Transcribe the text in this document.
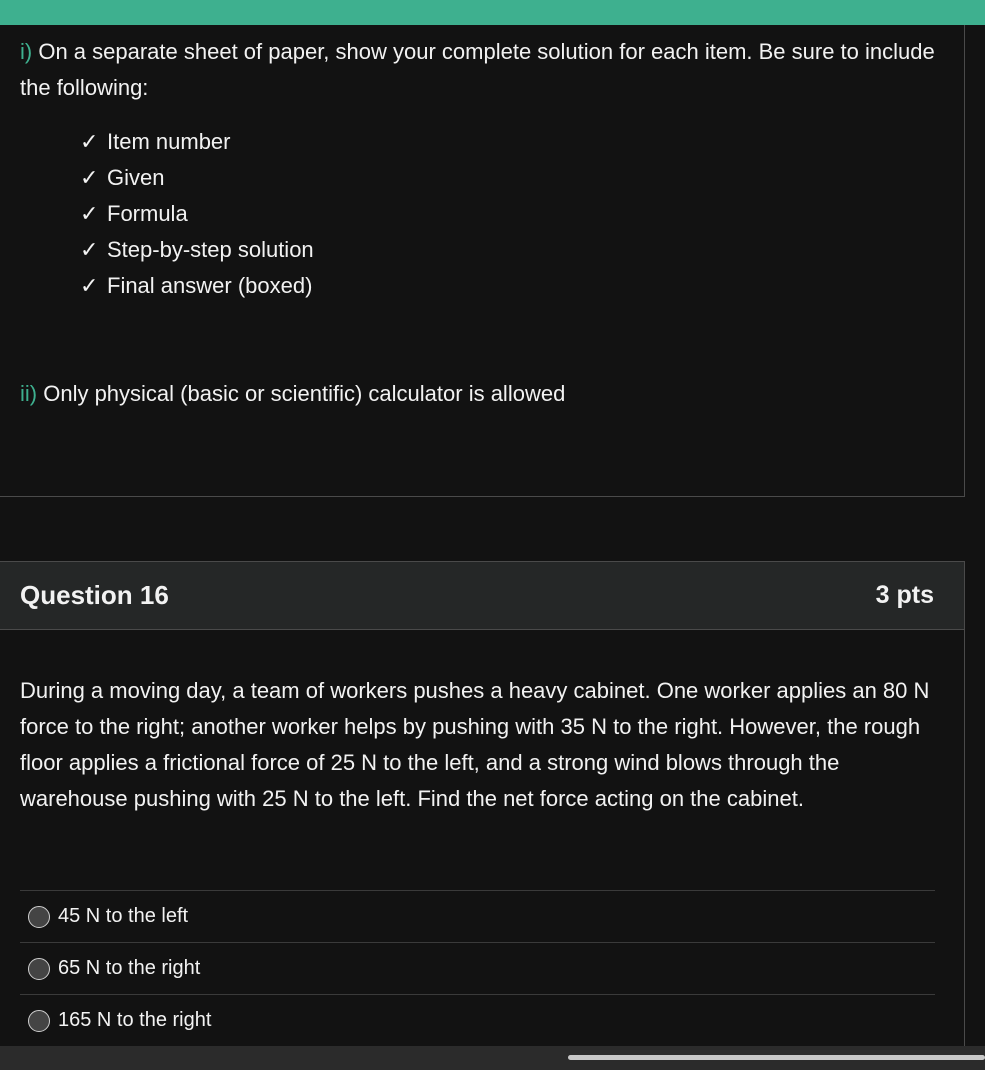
i) On a separate sheet of paper, show your complete solution for each item. Be sure to include the following:

✓ Item number
✓ Given
✓ Formula
✓ Step-by-step solution
✓ Final answer (boxed)

ii) Only physical (basic or scientific) calculator is allowed

Question 16	3 pts

During a moving day, a team of workers pushes a heavy cabinet. One worker applies an 80 N force to the right; another worker helps by pushing with 35 N to the right. However, the rough floor applies a frictional force of 25 N to the left, and a strong wind blows through the warehouse pushing with 25 N to the left. Find the net force acting on the cabinet.

45 N to the left
65 N to the right
165 N to the right
